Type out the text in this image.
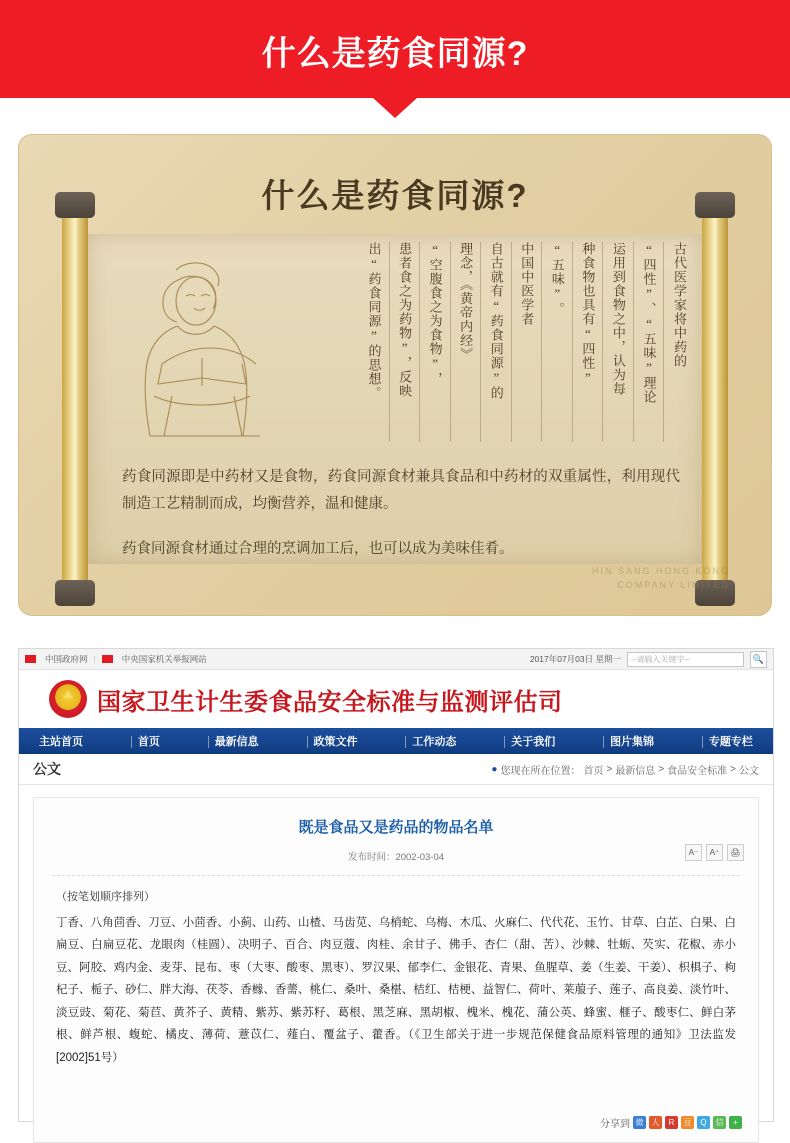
什么是药食同源?
什么是药食同源?
古代医学家将中药的
“四性”、“五味”理论
运用到食物之中，认为每
种食物也具有“四性”
“五味”。
中国中医学者
自古就有“药食同源”的
理念，《黄帝内经》
“空腹食之为食物”，
患者食之为药物”，反映
出“药食同源”的思想。
药食同源即是中药材又是食物，药食同源食材兼具食品和中药材的双重属性，利用现代制造工艺精制而成，均衡营养，温和健康。
药食同源食材通过合理的烹调加工后，也可以成为美味佳肴。
HIN SANG HONG KONG
COMPANY LIMITED
中国政府网 |	中央国家机关举报网站	2017年07月03日 星期一	--请输入关键字--	🔍
国家卫生计生委食品安全标准与监测评估司
主站首页	首页	最新信息	政策文件	工作动态	关于我们	图片集锦	专题专栏
公文	● 您现在所在位置： 首页 > 最新信息 > 食品安全标准 > 公文
既是食品又是药品的物品名单
发布时间：2002-03-04	A⁻	A⁺	🖨
（按笔划顺序排列）
丁香、八角茴香、刀豆、小茴香、小蓟、山药、山楂、马齿苋、乌梢蛇、乌梅、木瓜、火麻仁、代代花、玉竹、甘草、白芷、白果、白扁豆、白扁豆花、龙眼肉（桂圆）、决明子、百合、肉豆蔻、肉桂、余甘子、佛手、杏仁（甜、苦）、沙棘、牡蛎、芡实、花椒、赤小豆、阿胶、鸡内金、麦芽、昆布、枣（大枣、酸枣、黑枣）、罗汉果、郁李仁、金银花、青果、鱼腥草、姜（生姜、干姜）、枳椇子、枸杞子、栀子、砂仁、胖大海、茯苓、香橼、香薷、桃仁、桑叶、桑椹、桔红、桔梗、益智仁、荷叶、莱菔子、莲子、高良姜、淡竹叶、淡豆豉、菊花、菊苣、黄芥子、黄精、紫苏、紫苏籽、葛根、黑芝麻、黑胡椒、槐米、槐花、蒲公英、蜂蜜、榧子、酸枣仁、鲜白茅根、鲜芦根、蝮蛇、橘皮、薄荷、薏苡仁、薤白、覆盆子、藿香。（《卫生部关于进一步规范保健食品原料管理的通知》卫法监发[2002]51号）
分享到 微	人	R	豆	Q	信	+
